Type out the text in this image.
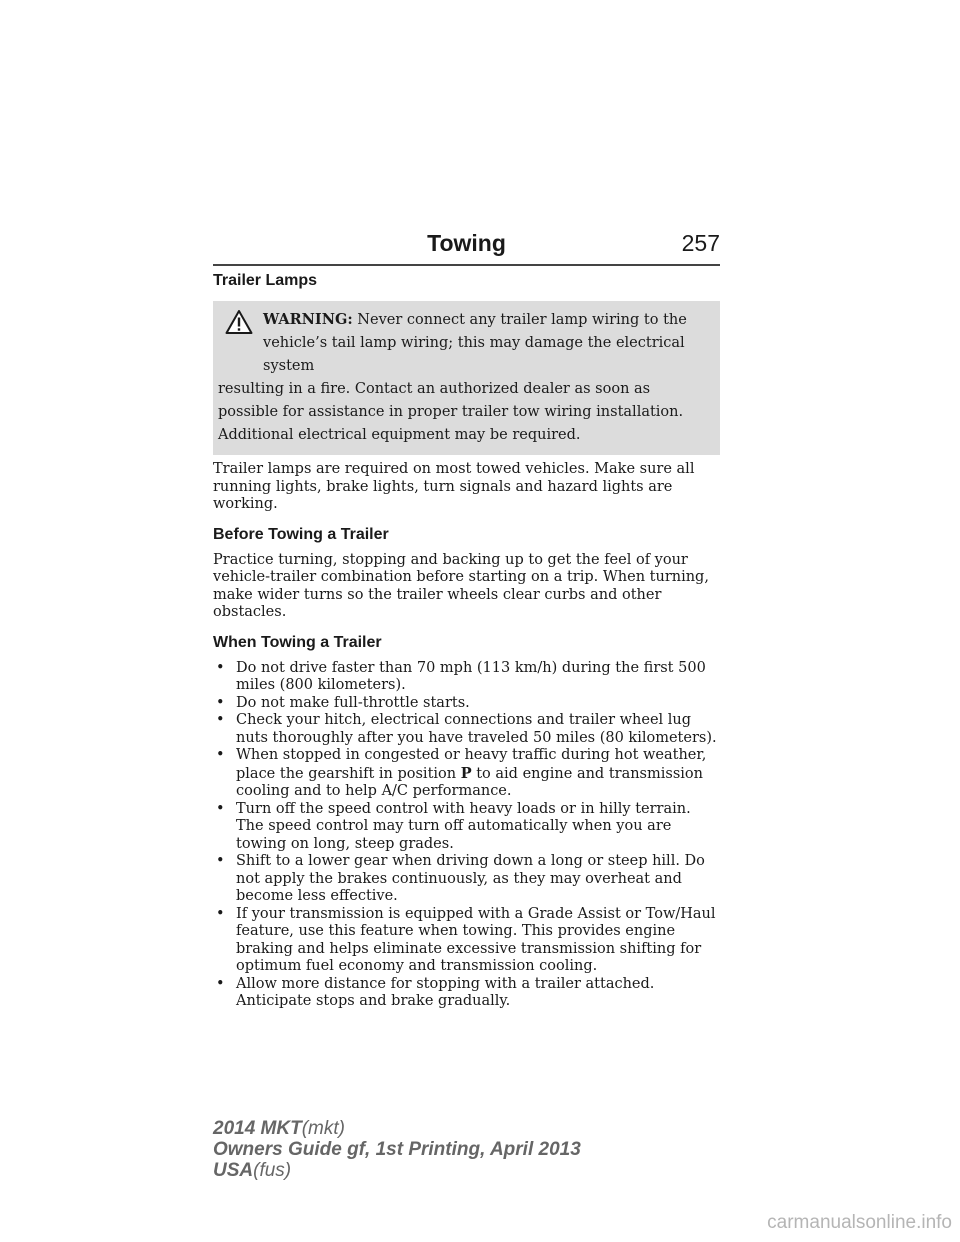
Towing	257
Trailer Lamps
WARNING: Never connect any trailer lamp wiring to the
vehicle’s tail lamp wiring; this may damage the electrical system
resulting in a fire. Contact an authorized dealer as soon as possible for assistance in proper trailer tow wiring installation. Additional electrical equipment may be required.

Trailer lamps are required on most towed vehicles. Make sure all running lights, brake lights, turn signals and hazard lights are working.

Before Towing a Trailer

Practice turning, stopping and backing up to get the feel of your vehicle-trailer combination before starting on a trip. When turning, make wider turns so the trailer wheels clear curbs and other obstacles.

When Towing a Trailer
• Do not drive faster than 70 mph (113 km/h) during the first 500 miles (800 kilometers).
• Do not make full-throttle starts.
• Check your hitch, electrical connections and trailer wheel lug nuts thoroughly after you have traveled 50 miles (80 kilometers).
• When stopped in congested or heavy traffic during hot weather, place the gearshift in position P to aid engine and transmission cooling and to help A/C performance.
• Turn off the speed control with heavy loads or in hilly terrain. The speed control may turn off automatically when you are towing on long, steep grades.
• Shift to a lower gear when driving down a long or steep hill. Do not apply the brakes continuously, as they may overheat and become less effective.
• If your transmission is equipped with a Grade Assist or Tow/Haul feature, use this feature when towing. This provides engine braking and helps eliminate excessive transmission shifting for optimum fuel economy and transmission cooling.
• Allow more distance for stopping with a trailer attached. Anticipate stops and brake gradually.
2014 MKT(mkt)
Owners Guide gf, 1st Printing, April 2013
USA(fus)
carmanualsonline.info
